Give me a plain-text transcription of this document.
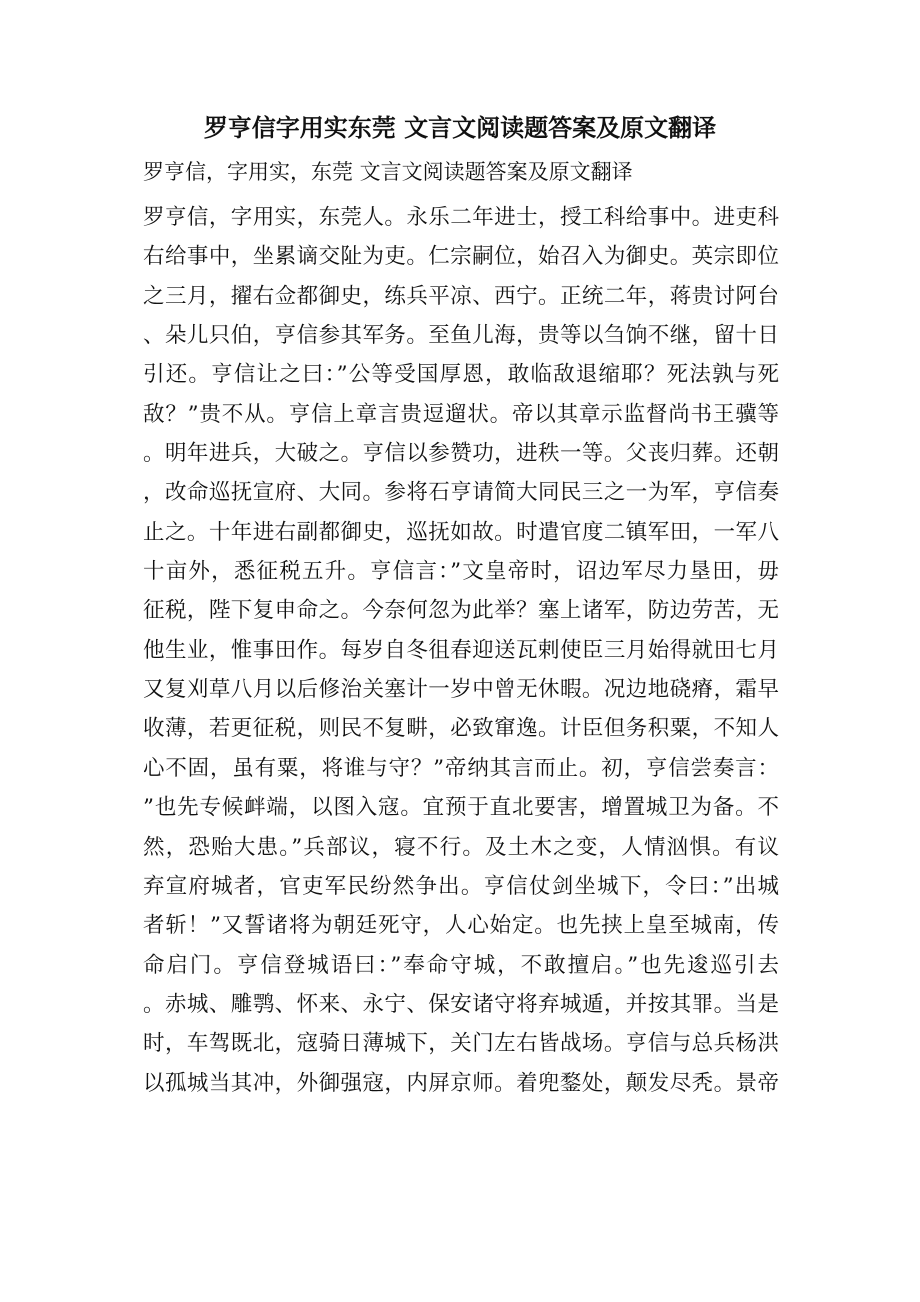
罗亨信字用实东莞 文言文阅读题答案及原文翻译
罗亨信，字用实，东莞 文言文阅读题答案及原文翻译
罗亨信，字用实，东莞人。永乐二年进士，授工科给事中。进吏科
右给事中，坐累谪交阯为吏。仁宗嗣位，始召入为御史。英宗即位
之三月，擢右佥都御史，练兵平凉、西宁。正统二年，蒋贵讨阿台
、朵儿只伯，亨信参其军务。至鱼儿海，贵等以刍饷不继，留十日
引还。亨信让之曰：”公等受国厚恩，敢临敌退缩耶？死法孰与死
敌？”贵不从。亨信上章言贵逗遛状。帝以其章示监督尚书王骥等
。明年进兵，大破之。亨信以参赞功，进秩一等。父丧归葬。还朝
，改命巡抚宣府、大同。参将石亨请简大同民三之一为军，亨信奏
止之。十年进右副都御史，巡抚如故。时遣官度二镇军田，一军八
十亩外，悉征税五升。亨信言：”文皇帝时，诏边军尽力垦田，毋
征税，陛下复申命之。今奈何忽为此举？塞上诸军，防边劳苦，无
他生业，惟事田作。每岁自冬徂春迎送瓦剌使臣三月始得就田七月
又复刈草八月以后修治关塞计一岁中曾无休暇。况边地硗瘠，霜早
收薄，若更征税，则民不复畊，必致窜逸。计臣但务积粟，不知人
心不固，虽有粟，将谁与守？”帝纳其言而止。初，亨信尝奏言：
”也先专候衅端，以图入寇。宜预于直北要害，增置城卫为备。不
然，恐贻大患。”兵部议，寝不行。及土木之变，人情汹惧。有议
弃宣府城者，官吏军民纷然争出。亨信仗剑坐城下，令曰：”出城
者斩！”又誓诸将为朝廷死守，人心始定。也先挟上皇至城南，传
命启门。亨信登城语曰：”奉命守城，不敢擅启。”也先逡巡引去
。赤城、雕鹗、怀来、永宁、保安诸守将弃城遁，并按其罪。当是
时，车驾既北，寇骑日薄城下，关门左右皆战场。亨信与总兵杨洪
以孤城当其冲，外御强寇，内屏京师。着兜鍪处，颠发尽秃。景帝
